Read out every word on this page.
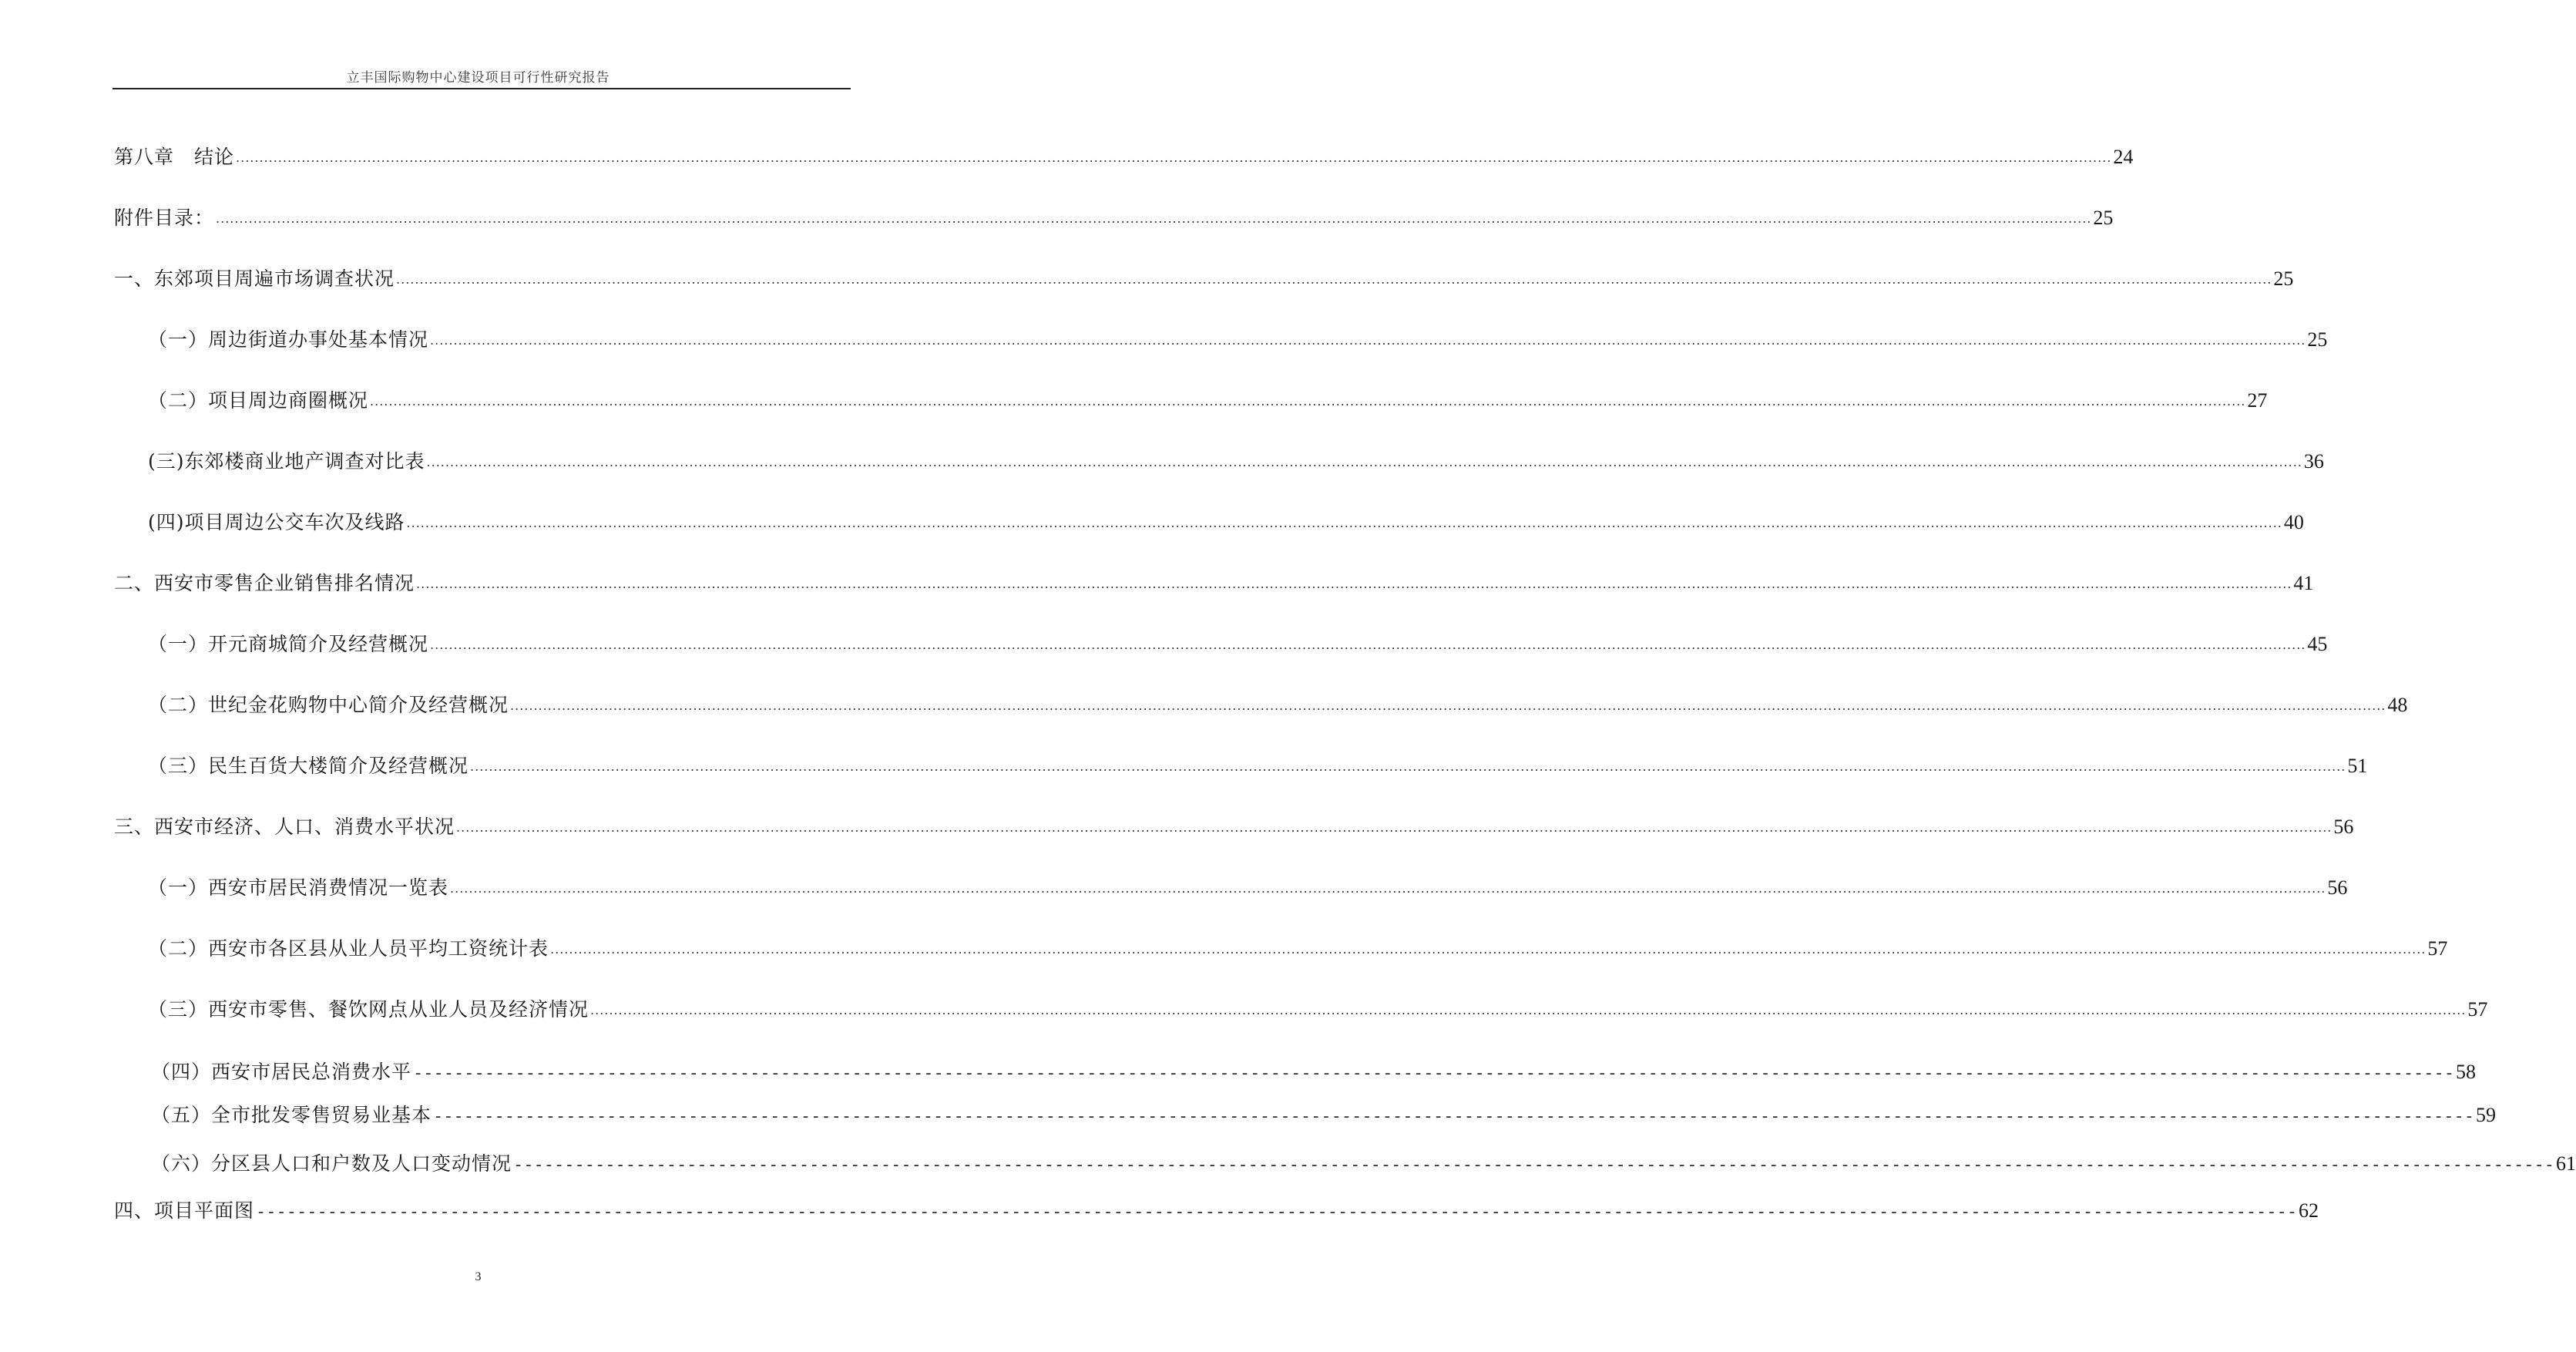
立丰国际购物中心建设项目可行性研究报告
第八章　结论 ................................................................................................................................................................................................................................................................................................................................................................................................................ 24
附件目录： ................................................................................................................................................................................................................................................................................................................................................................................................................ 25
一、东郊项目周遍市场调查状况 ................................................................................................................................................................................................................................................................................................................................................................................................................ 25
（一）周边街道办事处基本情况 ................................................................................................................................................................................................................................................................................................................................................................................................................ 25
（二）项目周边商圈概况 ................................................................................................................................................................................................................................................................................................................................................................................................................ 27
(三)东郊楼商业地产调查对比表 ................................................................................................................................................................................................................................................................................................................................................................................................................ 36
(四)项目周边公交车次及线路 ................................................................................................................................................................................................................................................................................................................................................................................................................ 40
二、西安市零售企业销售排名情况 ................................................................................................................................................................................................................................................................................................................................................................................................................ 41
（一）开元商城简介及经营概况 ................................................................................................................................................................................................................................................................................................................................................................................................................ 45
（二）世纪金花购物中心简介及经营概况 ................................................................................................................................................................................................................................................................................................................................................................................................................ 48
（三）民生百货大楼简介及经营概况 ................................................................................................................................................................................................................................................................................................................................................................................................................ 51
三、西安市经济、人口、消费水平状况 ................................................................................................................................................................................................................................................................................................................................................................................................................ 56
（一）西安市居民消费情况一览表 ................................................................................................................................................................................................................................................................................................................................................................................................................ 56
（二）西安市各区县从业人员平均工资统计表 ................................................................................................................................................................................................................................................................................................................................................................................................................ 57
（三）西安市零售、餐饮网点从业人员及经济情况 ................................................................................................................................................................................................................................................................................................................................................................................................................ 57
（四）西安市居民总消费水平 -------------------------------------------------------------------------------------------------------------------------------------------------------------------------------------------------------- 58
（五）全市批发零售贸易业基本 -------------------------------------------------------------------------------------------------------------------------------------------------------------------------------------------------------- 59
（六）分区县人口和户数及人口变动情况 -------------------------------------------------------------------------------------------------------------------------------------------------------------------------------------------------------- 61
四、项目平面图 -------------------------------------------------------------------------------------------------------------------------------------------------------------------------------------------------------- 62
3
